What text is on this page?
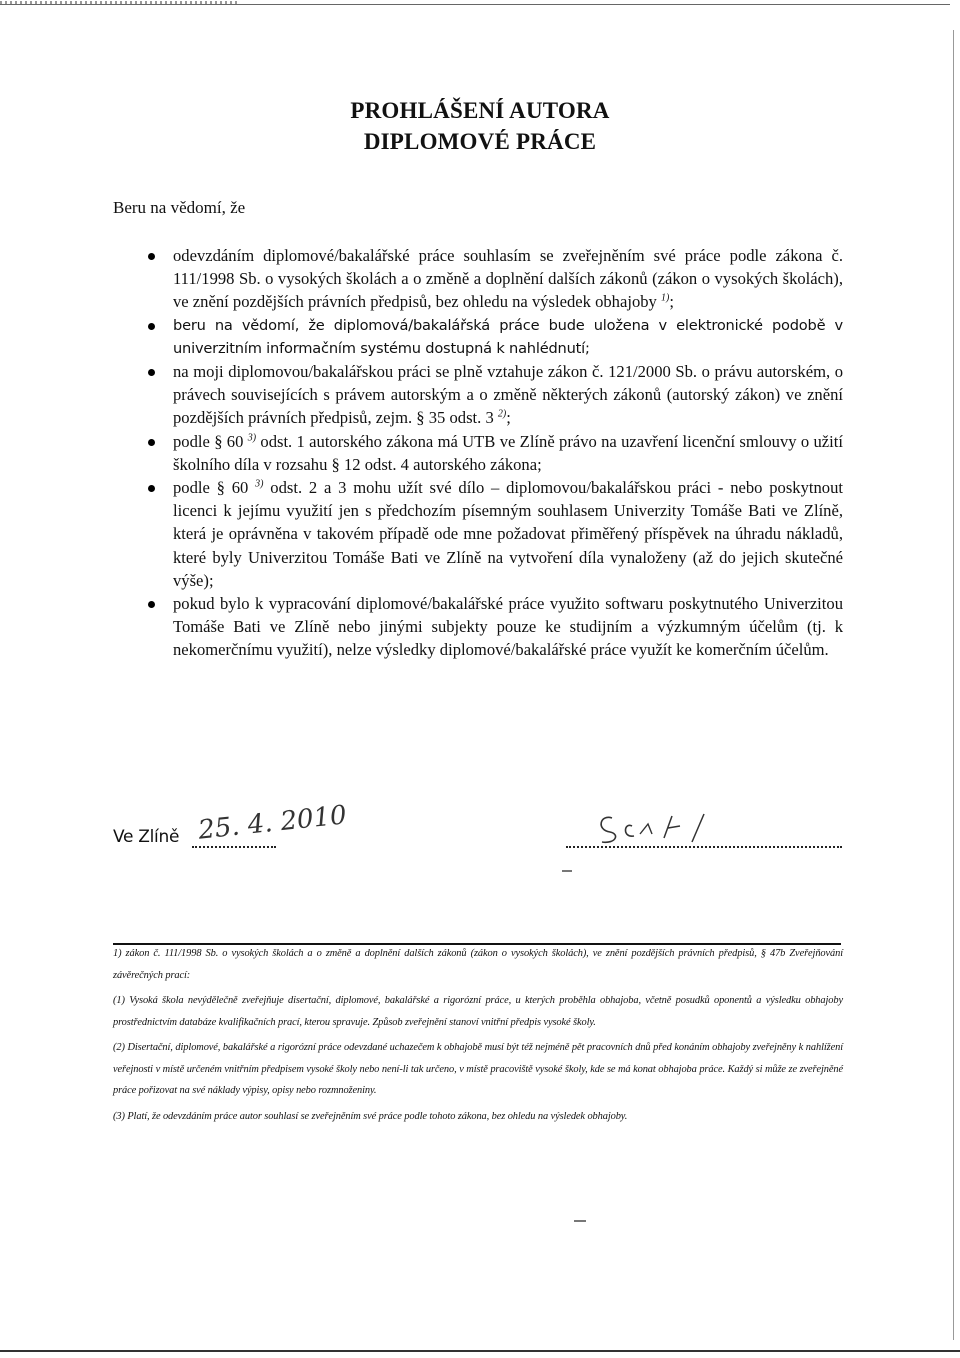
PROHLÁŠENÍ AUTORA
DIPLOMOVÉ PRÁCE
Beru na vědomí, že
odevzdáním diplomové/bakalářské práce souhlasím se zveřejněním své práce podle zákona č. 111/1998 Sb. o vysokých školách a o změně a doplnění dalších zákonů (zákon o vysokých školách), ve znění pozdějších právních předpisů, bez ohledu na výsledek obhajoby $^{1)}$;
beru na vědomí, že diplomová/bakalářská práce bude uložena v elektronické podobě v univerzitním informačním systému dostupná k nahlédnutí;
na moji diplomovou/bakalářskou práci se plně vztahuje zákon č. 121/2000 Sb. o právu autorském, o právech souvisejících s právem autorským a o změně některých zákonů (autorský zákon) ve znění pozdějších právních předpisů, zejm. § 35 odst. 3 $^{2)}$;
podle § 60 $^{3)}$ odst. 1 autorského zákona má UTB ve Zlíně právo na uzavření licenční smlouvy o užití školního díla v rozsahu § 12 odst. 4 autorského zákona;
podle § 60 $^{3)}$ odst. 2 a 3 mohu užít své dílo – diplomovou/bakalářskou práci - nebo poskytnout licenci k jejímu využití jen s předchozím písemným souhlasem Univerzity Tomáše Bati ve Zlíně, která je oprávněna v takovém případě ode mne požadovat přiměřený příspěvek na úhradu nákladů, které byly Univerzitou Tomáše Bati ve Zlíně na vytvoření díla vynaloženy (až do jejich skutečné výše);
pokud bylo k vypracování diplomové/bakalářské práce využito softwaru poskytnutého Univerzitou Tomáše Bati ve Zlíně nebo jinými subjekty pouze ke studijním a výzkumným účelům (tj. k nekomerčnímu využití), nelze výsledky diplomové/bakalářské práce využít ke komerčním účelům.
Ve Zlíně 25. 4. 2010

1) zákon č. 111/1998 Sb. o vysokých školách a o změně a doplnění dalších zákonů (zákon o vysokých školách), ve znění pozdějších právních předpisů, § 47b Zveřejňování závěrečných prací:

(1) Vysoká škola nevýdělečně zveřejňuje disertační, diplomové, bakalářské a rigorózní práce, u kterých proběhla obhajoba, včetně posudků oponentů a výsledku obhajoby prostřednictvím databáze kvalifikačních prací, kterou spravuje. Způsob zveřejnění stanoví vnitřní předpis vysoké školy.

(2) Disertační, diplomové, bakalářské a rigorózní práce odevzdané uchazečem k obhajobě musí být též nejméně pět pracovních dnů před konáním obhajoby zveřejněny k nahlížení veřejnosti v místě určeném vnitřním předpisem vysoké školy nebo není-li tak určeno, v místě pracoviště vysoké školy, kde se má konat obhajoba práce. Každý si může ze zveřejněné práce pořizovat na své náklady výpisy, opisy nebo rozmnoženiny.

(3) Platí, že odevzdáním práce autor souhlasí se zveřejněním své práce podle tohoto zákona, bez ohledu na výsledek obhajoby.
